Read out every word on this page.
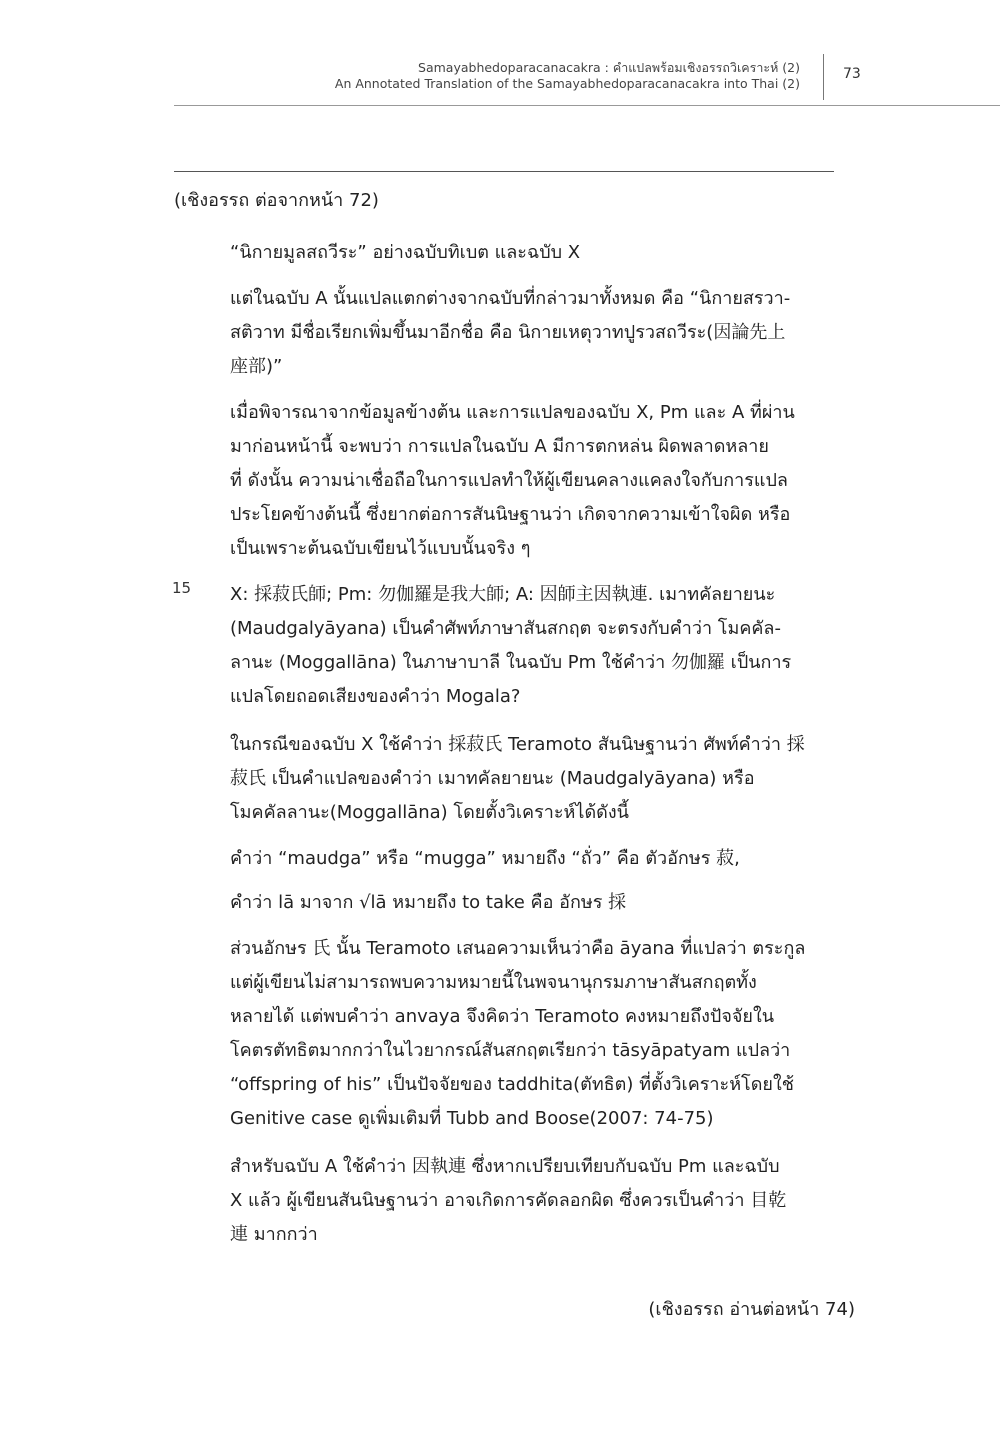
Samayabhedoparacanacakra : คำแปลพร้อมเชิงอรรถวิเคราะห์ (2)
An Annotated Translation of the Samayabhedoparacanacakra into Thai (2)
73
(เชิงอรรถ ต่อจากหน้า 72)
“นิกายมูลสถวีระ” อย่างฉบับทิเบต และฉบับ X
แต่ในฉบับ A นั้นแปลแตกต่างจากฉบับที่กล่าวมาทั้งหมด คือ “นิกายสรวา-
สติวาท มีชื่อเรียกเพิ่มขึ้นมาอีกชื่อ คือ นิกายเหตุวาทปูรวสถวีระ(因論先上
座部)”
เมื่อพิจารณาจากข้อมูลข้างต้น และการแปลของฉบับ X, Pm และ A ที่ผ่าน
มาก่อนหน้านี้ จะพบว่า การแปลในฉบับ A มีการตกหล่น ผิดพลาดหลาย
ที่ ดังนั้น ความน่าเชื่อถือในการแปลทำให้ผู้เขียนคลางแคลงใจกับการแปล
ประโยคข้างต้นนี้ ซึ่งยากต่อการสันนิษฐานว่า เกิดจากความเข้าใจผิด หรือ
เป็นเพราะต้นฉบับเขียนไว้แบบนั้นจริง ๆ
15 X: 採菽氏師; Pm: 勿伽羅是我大師; A: 因師主因執連. เมาทคัลยายนะ
(Maudgalyāyana) เป็นคำศัพท์ภาษาสันสกฤต จะตรงกับคำว่า โมคคัล-
ลานะ (Moggallāna) ในภาษาบาลี ในฉบับ Pm ใช้คำว่า 勿伽羅 เป็นการ
แปลโดยถอดเสียงของคำว่า Mogala?
ในกรณีของฉบับ X ใช้คำว่า 採菽氏 Teramoto สันนิษฐานว่า ศัพท์คำว่า 採
菽氏 เป็นคำแปลของคำว่า เมาทคัลยายนะ (Maudgalyāyana) หรือ
โมคคัลลานะ(Moggallāna) โดยตั้งวิเคราะห์ได้ดังนี้
คำว่า “maudga” หรือ “mugga” หมายถึง “ถั่ว” คือ ตัวอักษร 菽,
คำว่า lā มาจาก √lā หมายถึง to take คือ อักษร 採
ส่วนอักษร 氏 นั้น Teramoto เสนอความเห็นว่าคือ āyana ที่แปลว่า ตระกูล
แต่ผู้เขียนไม่สามารถพบความหมายนี้ในพจนานุกรมภาษาสันสกฤตทั้ง
หลายได้ แต่พบคำว่า anvaya จึงคิดว่า Teramoto คงหมายถึงปัจจัยใน
โคตรตัทธิตมากกว่าในไวยากรณ์สันสกฤตเรียกว่า tāsyāpatyam แปลว่า
“offspring of his” เป็นปัจจัยของ taddhita(ตัทธิต) ที่ตั้งวิเคราะห์โดยใช้
Genitive case ดูเพิ่มเติมที่ Tubb and Boose(2007: 74-75)
สำหรับฉบับ A ใช้คำว่า 因執連 ซึ่งหากเปรียบเทียบกับฉบับ Pm และฉบับ
X แล้ว ผู้เขียนสันนิษฐานว่า อาจเกิดการคัดลอกผิด ซึ่งควรเป็นคำว่า 目乾
連 มากกว่า
(เชิงอรรถ อ่านต่อหน้า 74)
